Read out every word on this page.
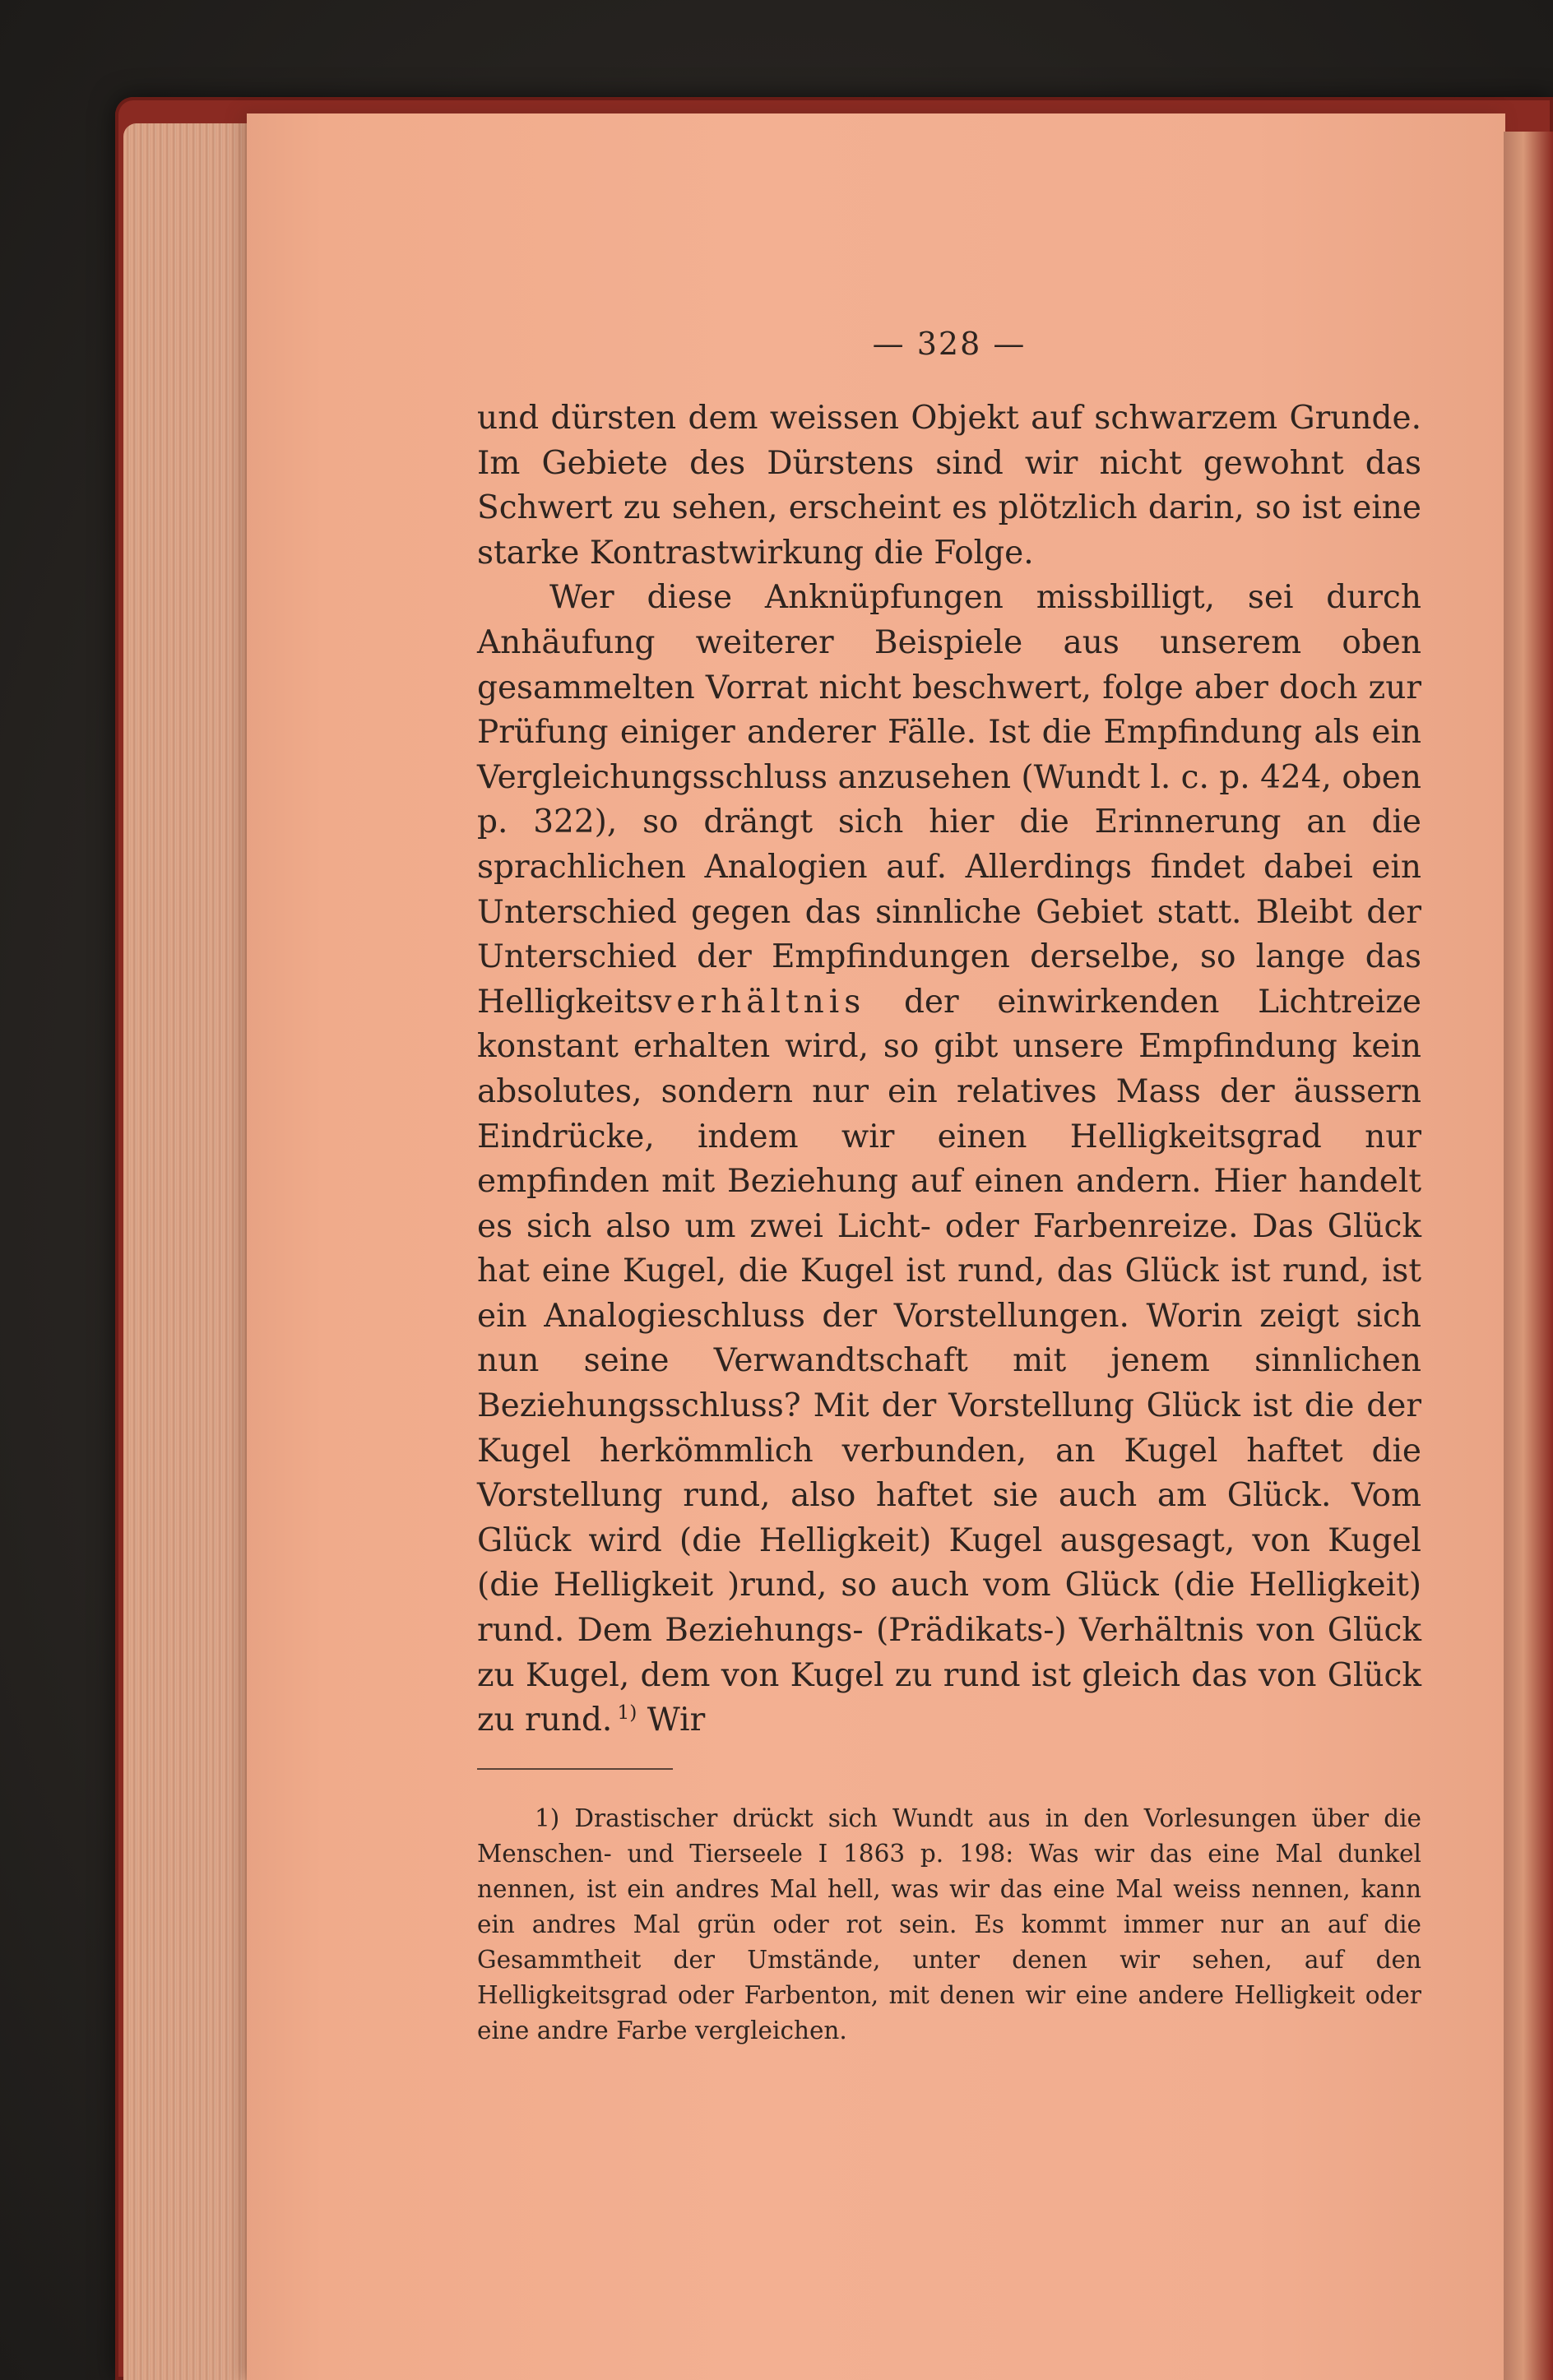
— 328 —

und dürsten dem weissen Objekt auf schwarzem Grunde. Im Gebiete des Dürstens sind wir nicht gewohnt das Schwert zu sehen, erscheint es plötzlich darin, so ist eine starke Kontrastwirkung die Folge.

Wer diese Anknüpfungen missbilligt, sei durch Anhäufung weiterer Beispiele aus unserem oben gesammelten Vorrat nicht beschwert, folge aber doch zur Prüfung einiger anderer Fälle. Ist die Empfindung als ein Vergleichungsschluss anzusehen (Wundt l. c. p. 424, oben p. 322), so drängt sich hier die Erinnerung an die sprachlichen Analogien auf. Allerdings findet dabei ein Unterschied gegen das sinnliche Gebiet statt. Bleibt der Unterschied der Empfindungen derselbe, so lange das Helligkeitsverhältnis der einwirkenden Lichtreize konstant erhalten wird, so gibt unsere Empfindung kein absolutes, sondern nur ein relatives Mass der äussern Eindrücke, indem wir einen Helligkeitsgrad nur empfinden mit Beziehung auf einen andern. Hier handelt es sich also um zwei Licht- oder Farbenreize. Das Glück hat eine Kugel, die Kugel ist rund, das Glück ist rund, ist ein Analogieschluss der Vorstellungen. Worin zeigt sich nun seine Verwandtschaft mit jenem sinnlichen Beziehungsschluss? Mit der Vorstellung Glück ist die der Kugel herkömmlich verbunden, an Kugel haftet die Vorstellung rund, also haftet sie auch am Glück. Vom Glück wird (die Helligkeit) Kugel ausgesagt, von Kugel (die Helligkeit )rund, so auch vom Glück (die Helligkeit) rund. Dem Beziehungs- (Prädikats-) Verhältnis von Glück zu Kugel, dem von Kugel zu rund ist gleich das von Glück zu rund. $^{1)}$ Wir

1) Drastischer drückt sich Wundt aus in den Vorlesungen über die Menschen- und Tierseele I 1863 p. 198: Was wir das eine Mal dunkel nennen, ist ein andres Mal hell, was wir das eine Mal weiss nennen, kann ein andres Mal grün oder rot sein. Es kommt immer nur an auf die Gesammtheit der Umstände, unter denen wir sehen, auf den Helligkeitsgrad oder Farbenton, mit denen wir eine andere Helligkeit oder eine andre Farbe vergleichen.
